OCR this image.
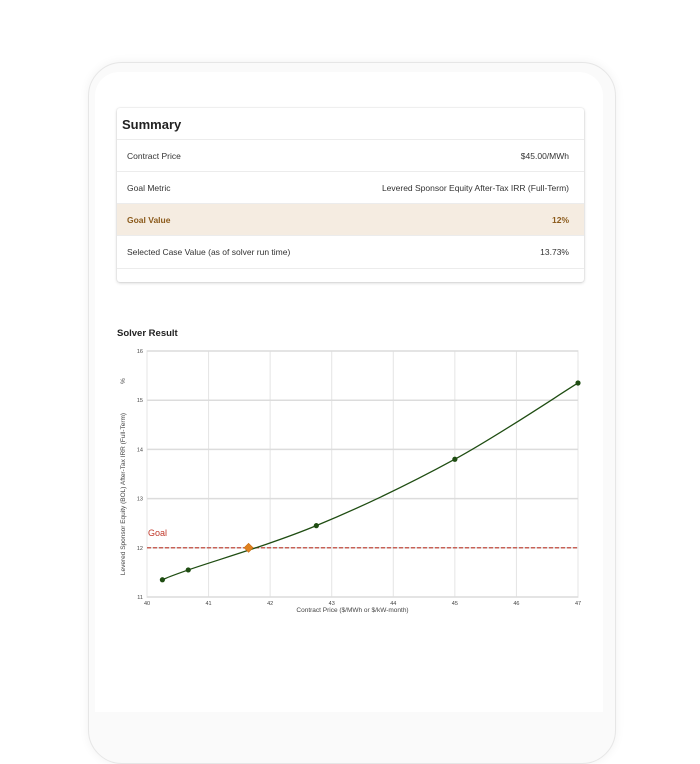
Summary
Contract Price	$45.00/MWh
Goal Metric	Levered Sponsor Equity After-Tax IRR (Full-Term)
Goal Value	12%
Selected Case Value (as of solver run time)	13.73%
Solver Result
11
12
13
14
15
16
40	41	42	43	44	45	46	47
Contract Price ($/MWh or $/kW-month)
Levered Sponsor Equity (BOL) After-Tax IRR (Full-Term)
%
Goal
